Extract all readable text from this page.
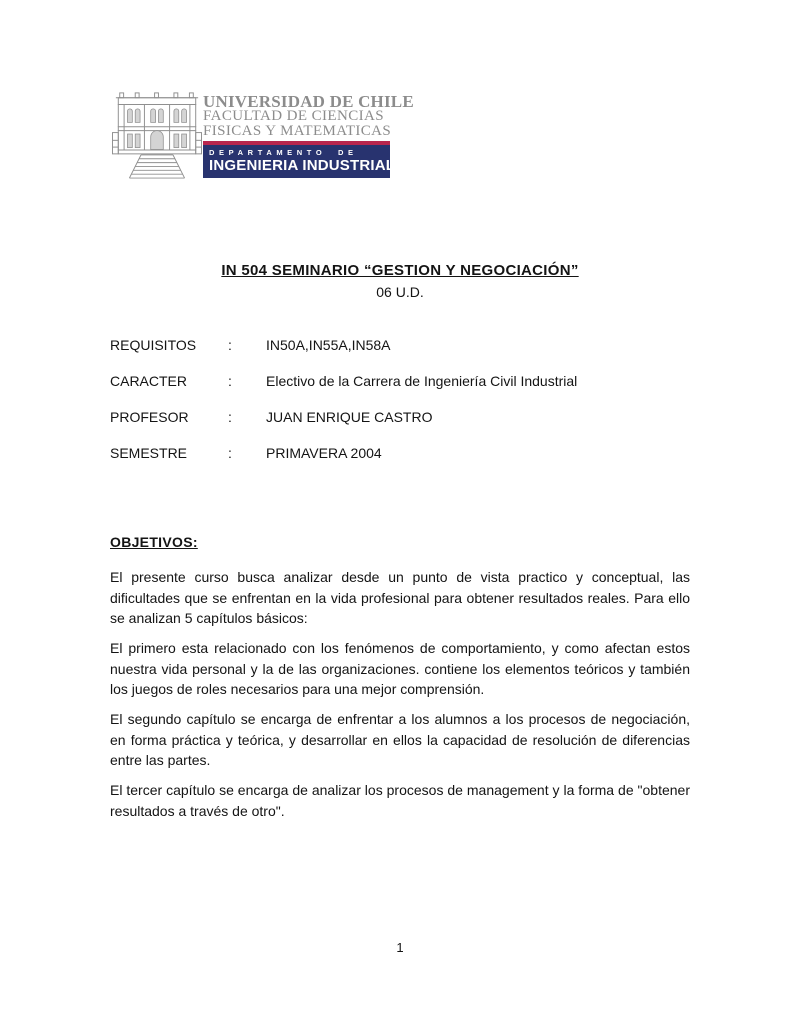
UNIVERSIDAD DE CHILE
FACULTAD DE CIENCIAS
FISICAS Y MATEMATICAS
DEPARTAMENTO DE
INGENIERIA INDUSTRIAL
IN 504 SEMINARIO “GESTION Y NEGOCIACIÓN”
06 U.D.
REQUISITOS	:	IN50A,IN55A,IN58A
CARACTER	:	Electivo de la Carrera de Ingeniería Civil Industrial
PROFESOR	:	JUAN ENRIQUE CASTRO
SEMESTRE	:	PRIMAVERA 2004
OBJETIVOS:

El presente curso busca analizar desde un punto de vista practico y conceptual, las dificultades que se enfrentan en la vida profesional para obtener resultados reales. Para ello se analizan 5 capítulos básicos:

El primero esta relacionado con los fenómenos de comportamiento, y como afectan estos nuestra vida personal y la de las organizaciones. contiene los elementos teóricos y también los juegos de roles necesarios para una mejor comprensión.

El segundo capítulo se encarga de enfrentar a los alumnos a los procesos de negociación, en forma práctica y teórica, y desarrollar en ellos la capacidad de resolución de diferencias entre las partes.

El tercer capítulo se encarga de analizar los procesos de management y la forma de "obtener resultados a través de otro".

1
